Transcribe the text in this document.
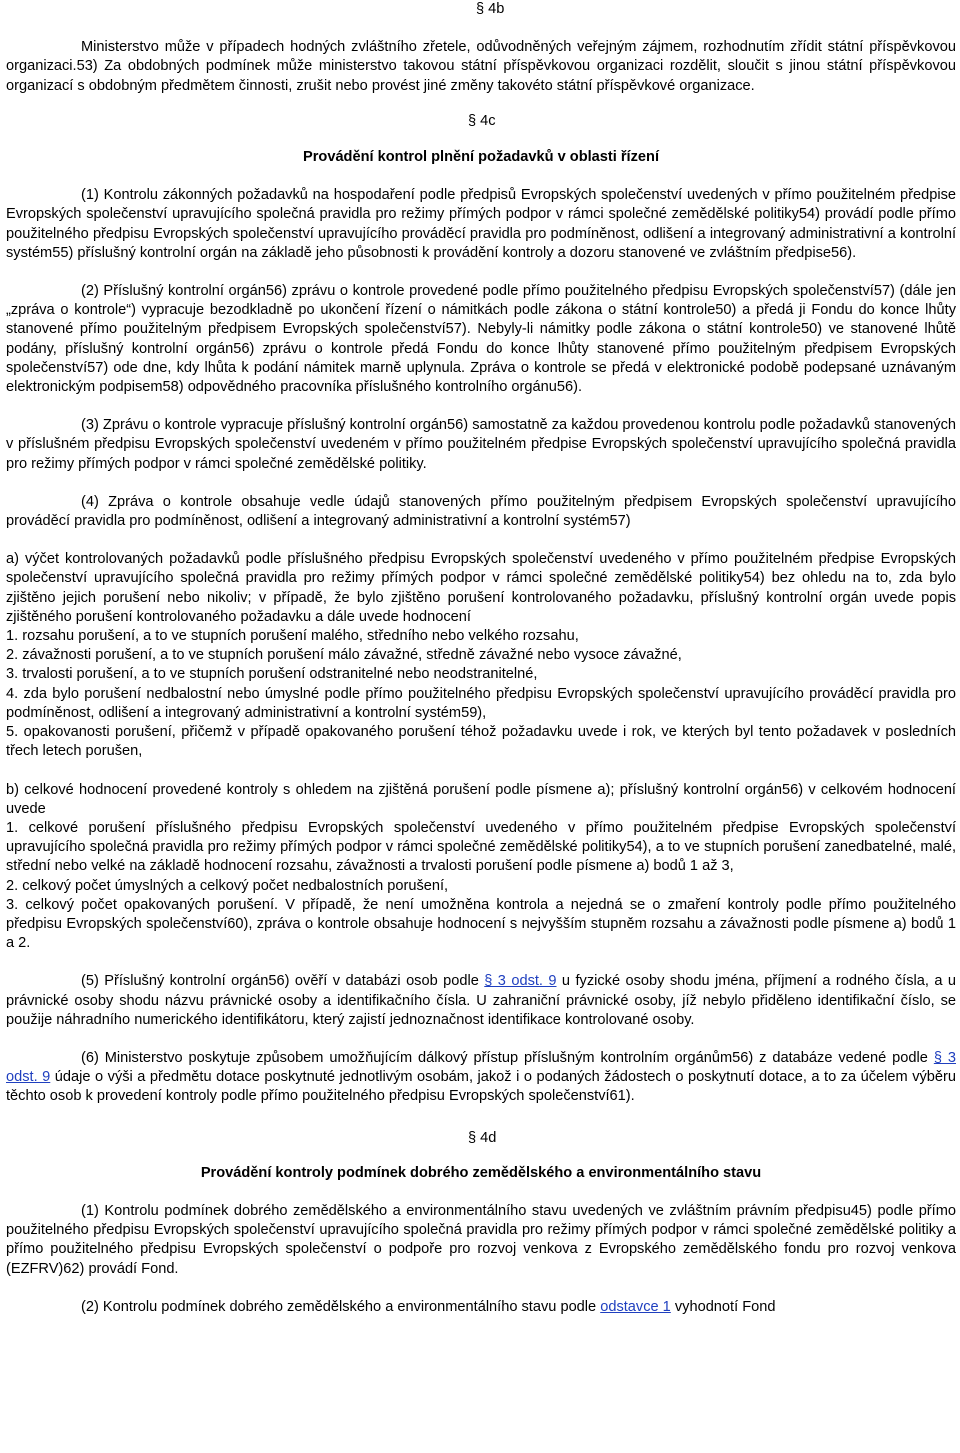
§ 4b

Ministerstvo může v případech hodných zvláštního zřetele, odůvodněných veřejným zájmem, rozhodnutím zřídit státní příspěvkovou organizaci.53) Za obdobných podmínek může ministerstvo takovou státní příspěvkovou organizaci rozdělit, sloučit s jinou státní příspěvkovou organizací s obdobným předmětem činnosti, zrušit nebo provést jiné změny takovéto státní příspěvkové organizace.

§ 4c

Provádění kontrol plnění požadavků v oblasti řízení

(1) Kontrolu zákonných požadavků na hospodaření podle předpisů Evropských společenství uvedených v přímo použitelném předpise Evropských společenství upravujícího společná pravidla pro režimy přímých podpor v rámci společné zemědělské politiky54) provádí podle přímo použitelného předpisu Evropských společenství upravujícího prováděcí pravidla pro podmíněnost, odlišení a integrovaný administrativní a kontrolní systém55) příslušný kontrolní orgán na základě jeho působnosti k provádění kontroly a dozoru stanovené ve zvláštním předpise56).

(2) Příslušný kontrolní orgán56) zprávu o kontrole provedené podle přímo použitelného předpisu Evropských společenství57) (dále jen „zpráva o kontrole“) vypracuje bezodkladně po ukončení řízení o námitkách podle zákona o státní kontrole50) a předá ji Fondu do konce lhůty stanovené přímo použitelným předpisem Evropských společenství57). Nebyly-li námitky podle zákona o státní kontrole50) ve stanovené lhůtě podány, příslušný kontrolní orgán56) zprávu o kontrole předá Fondu do konce lhůty stanovené přímo použitelným předpisem Evropských společenství57) ode dne, kdy lhůta k podání námitek marně uplynula. Zpráva o kontrole se předá v elektronické podobě podepsané uznávaným elektronickým podpisem58) odpovědného pracovníka příslušného kontrolního orgánu56).

(3) Zprávu o kontrole vypracuje příslušný kontrolní orgán56) samostatně za každou provedenou kontrolu podle požadavků stanovených v příslušném předpisu Evropských společenství uvedeném v přímo použitelném předpise Evropských společenství upravujícího společná pravidla pro režimy přímých podpor v rámci společné zemědělské politiky.

(4) Zpráva o kontrole obsahuje vedle údajů stanovených přímo použitelným předpisem Evropských společenství upravujícího prováděcí pravidla pro podmíněnost, odlišení a integrovaný administrativní a kontrolní systém57)

a) výčet kontrolovaných požadavků podle příslušného předpisu Evropských společenství uvedeného v přímo použitelném předpise Evropských společenství upravujícího společná pravidla pro režimy přímých podpor v rámci společné zemědělské politiky54) bez ohledu na to, zda bylo zjištěno jejich porušení nebo nikoliv; v případě, že bylo zjištěno porušení kontrolovaného požadavku, příslušný kontrolní orgán uvede popis zjištěného porušení kontrolovaného požadavku a dále uvede hodnocení

1. rozsahu porušení, a to ve stupních porušení malého, středního nebo velkého rozsahu,

2. závažnosti porušení, a to ve stupních porušení málo závažné, středně závažné nebo vysoce závažné,

3. trvalosti porušení, a to ve stupních porušení odstranitelné nebo neodstranitelné,

4. zda bylo porušení nedbalostní nebo úmyslné podle přímo použitelného předpisu Evropských společenství upravujícího prováděcí pravidla pro podmíněnost, odlišení a integrovaný administrativní a kontrolní systém59),

5. opakovanosti porušení, přičemž v případě opakovaného porušení téhož požadavku uvede i rok, ve kterých byl tento požadavek v posledních třech letech porušen,

b) celkové hodnocení provedené kontroly s ohledem na zjištěná porušení podle písmene a); příslušný kontrolní orgán56) v celkovém hodnocení uvede

1. celkové porušení příslušného předpisu Evropských společenství uvedeného v přímo použitelném předpise Evropských společenství upravujícího společná pravidla pro režimy přímých podpor v rámci společné zemědělské politiky54), a to ve stupních porušení zanedbatelné, malé, střední nebo velké na základě hodnocení rozsahu, závažnosti a trvalosti porušení podle písmene a) bodů 1 až 3,

2. celkový počet úmyslných a celkový počet nedbalostních porušení,

3. celkový počet opakovaných porušení. V případě, že není umožněna kontrola a nejedná se o zmaření kontroly podle přímo použitelného předpisu Evropských společenství60), zpráva o kontrole obsahuje hodnocení s nejvyšším stupněm rozsahu a závažnosti podle písmene a) bodů 1 a 2.

(5) Příslušný kontrolní orgán56) ověří v databázi osob podle § 3 odst. 9 u fyzické osoby shodu jména, příjmení a rodného čísla, a u právnické osoby shodu názvu právnické osoby a identifikačního čísla. U zahraniční právnické osoby, jíž nebylo přiděleno identifikační číslo, se použije náhradního numerického identifikátoru, který zajistí jednoznačnost identifikace kontrolované osoby.

(6) Ministerstvo poskytuje způsobem umožňujícím dálkový přístup příslušným kontrolním orgánům56) z databáze vedené podle § 3 odst. 9 údaje o výši a předmětu dotace poskytnuté jednotlivým osobám, jakož i o podaných žádostech o poskytnutí dotace, a to za účelem výběru těchto osob k provedení kontroly podle přímo použitelného předpisu Evropských společenství61).

§ 4d

Provádění kontroly podmínek dobrého zemědělského a environmentálního stavu

(1) Kontrolu podmínek dobrého zemědělského a environmentálního stavu uvedených ve zvláštním právním předpisu45) podle přímo použitelného předpisu Evropských společenství upravujícího společná pravidla pro režimy přímých podpor v rámci společné zemědělské politiky a přímo použitelného předpisu Evropských společenství o podpoře pro rozvoj venkova z Evropského zemědělského fondu pro rozvoj venkova (EZFRV)62) provádí Fond.

(2) Kontrolu podmínek dobrého zemědělského a environmentálního stavu podle odstavce 1 vyhodnotí Fond
